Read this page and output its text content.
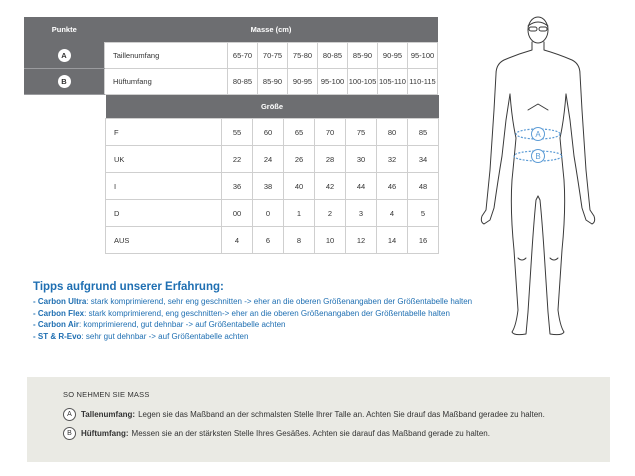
Punkte	Masse (cm)							
A	Taillenumfang	65-70	70-75	75-80	80-85	85-90	90-95	95-100
B	Hüftumfang	80-85	85-90	90-95	95-100	100-105	105-110	110-115
Größe							
F	55	60	65	70	75	80	85
UK	22	24	26	28	30	32	34
I	36	38	40	42	44	46	48
D	00	0	1	2	3	4	5
AUS	4	6	8	10	12	14	16
Tipps aufgrund unserer Erfahrung:
- Carbon Ultra: stark komprimierend, sehr eng geschnitten -> eher an die oberen Größenangaben der Größentabelle halten
- Carbon Flex: stark komprimierend, eng geschnitten-> eher an die oberen Größenangaben der Größentabelle halten
- Carbon Air: komprimierend, gut dehnbar -> auf Größentabelle achten
- ST & R-Evo: sehr gut dehnbar -> auf Größentabelle achten
SO NEHMEN SIE MASS
A	Tallenumfang: Legen sie das Maßband an der schmalsten Stelle Ihrer Talle an. Achten Sie drauf das Maßband geradee zu halten.
B	Hüftumfang: Messen sie an der stärksten Stelle Ihres Gesäßes. Achten sie darauf das Maßband gerade zu halten.
A
B
